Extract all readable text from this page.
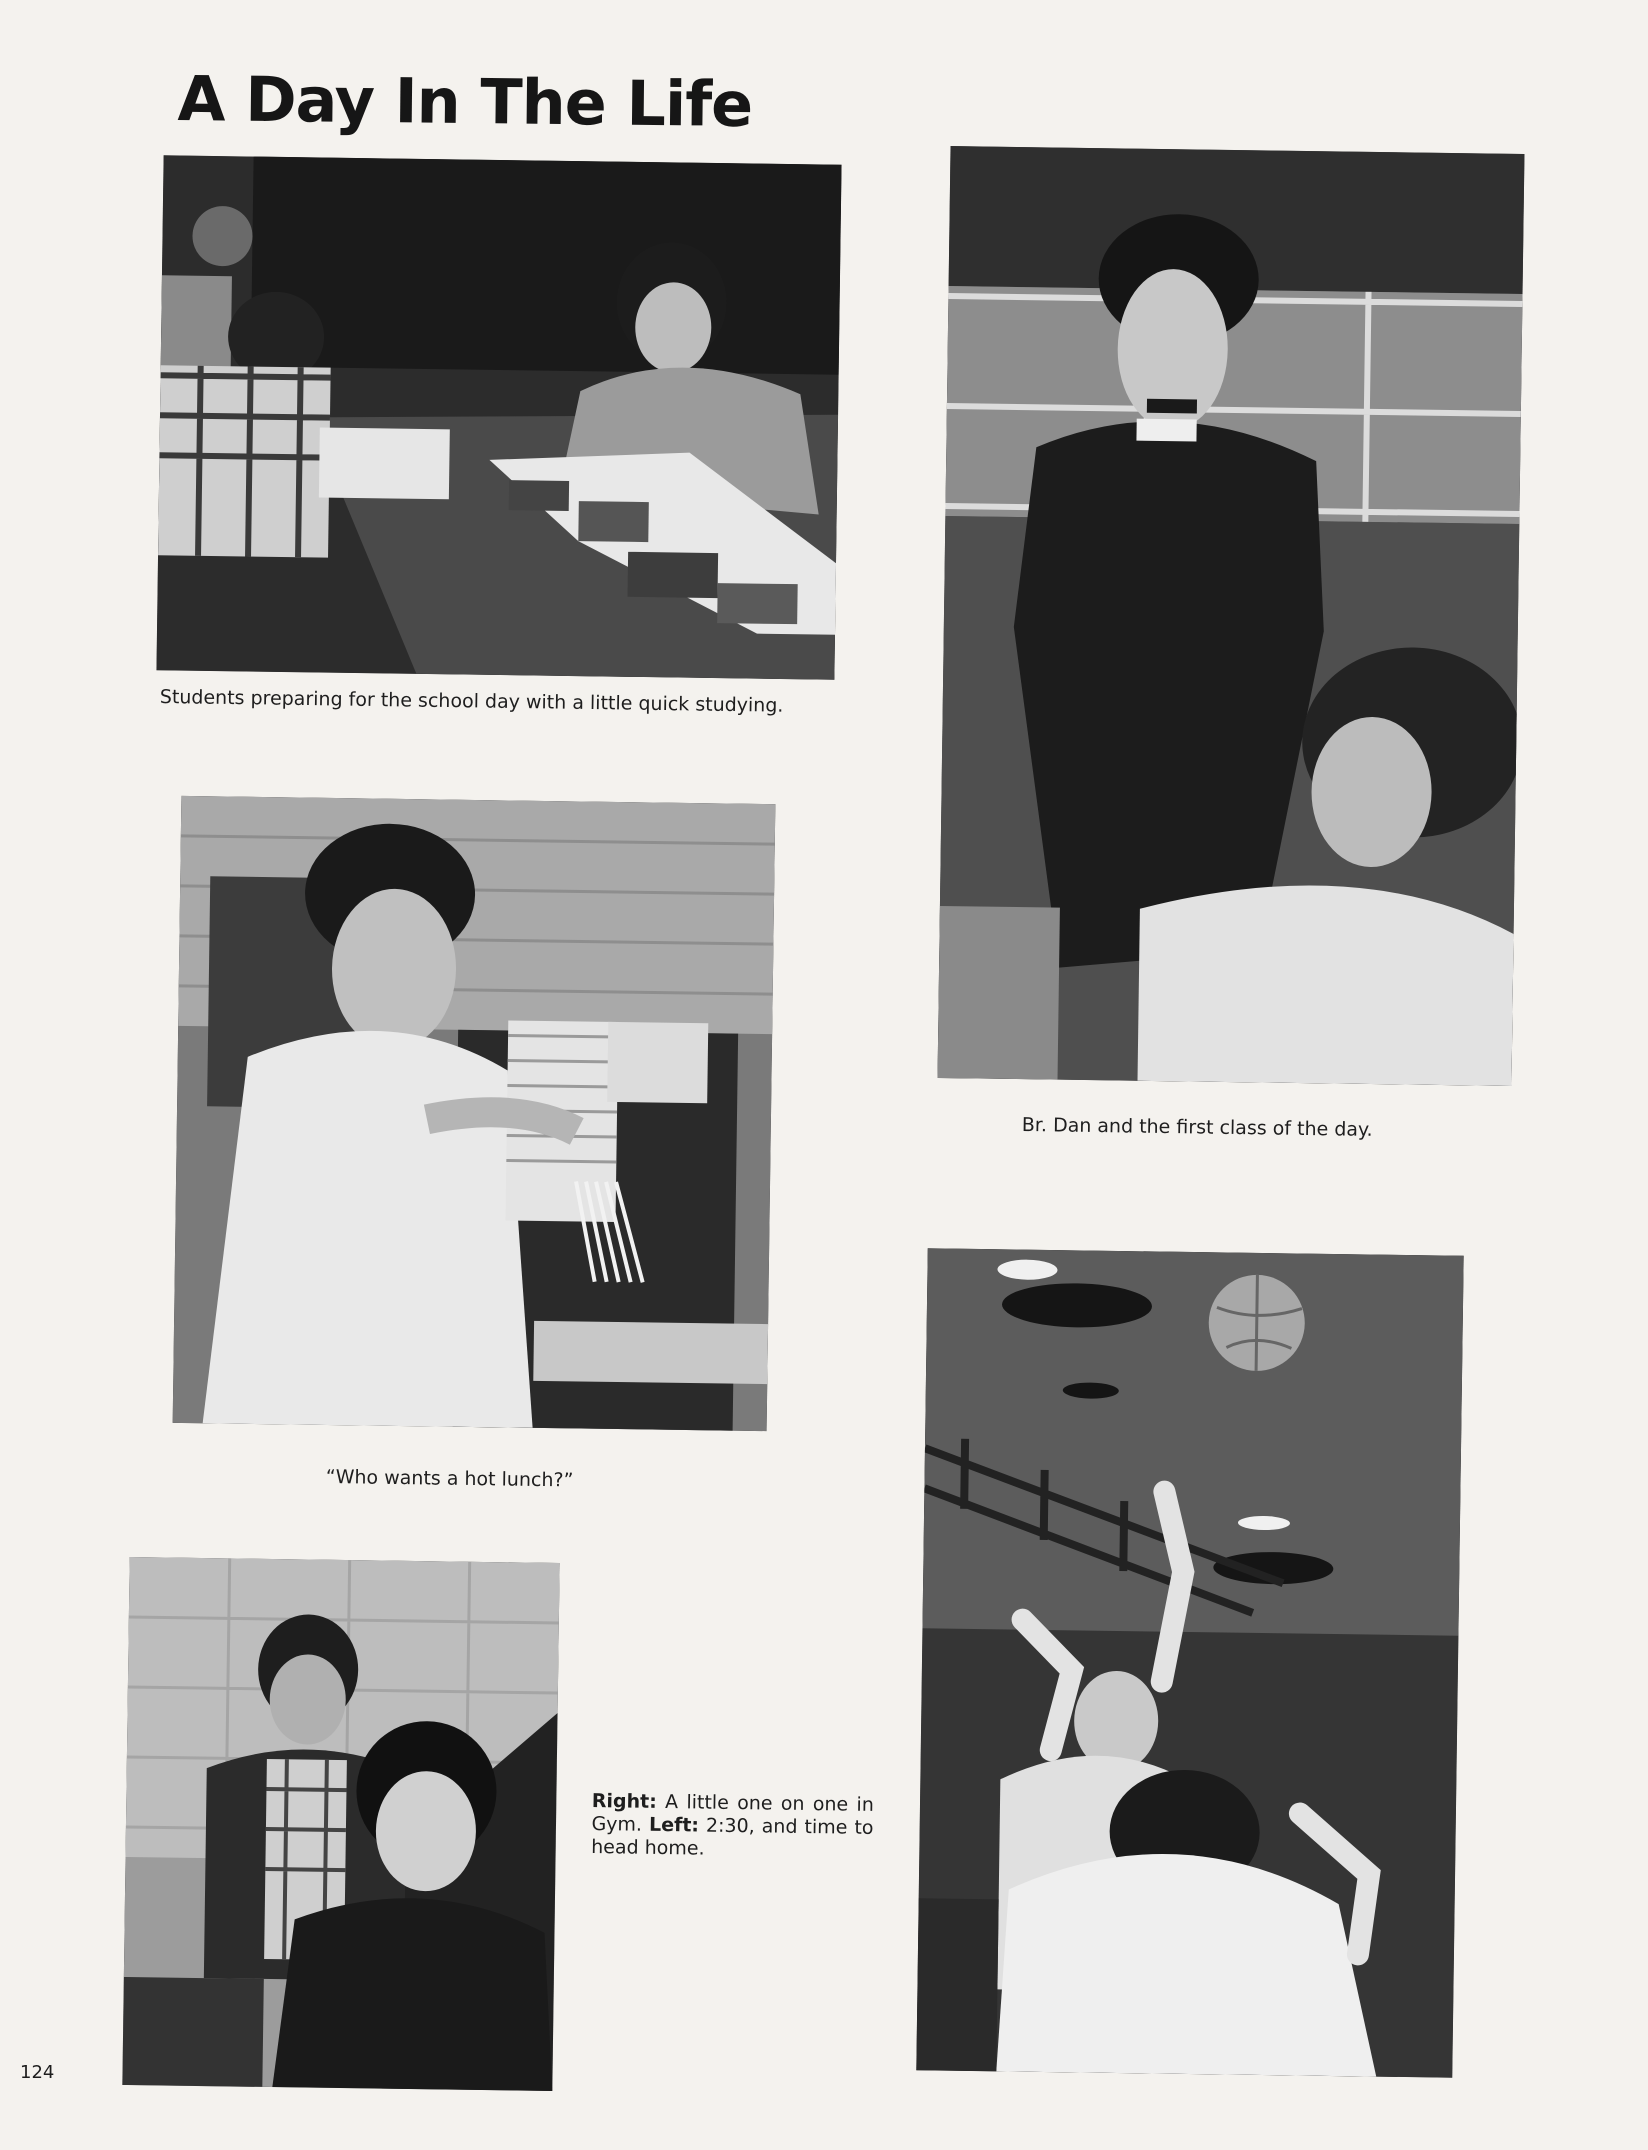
A Day In The Life

Students preparing for the school day with a little quick studying.

Br. Dan and the first class of the day.

“Who wants a hot lunch?”

Right: A little one on one in Gym. Left: 2:30, and time to head home.

124
